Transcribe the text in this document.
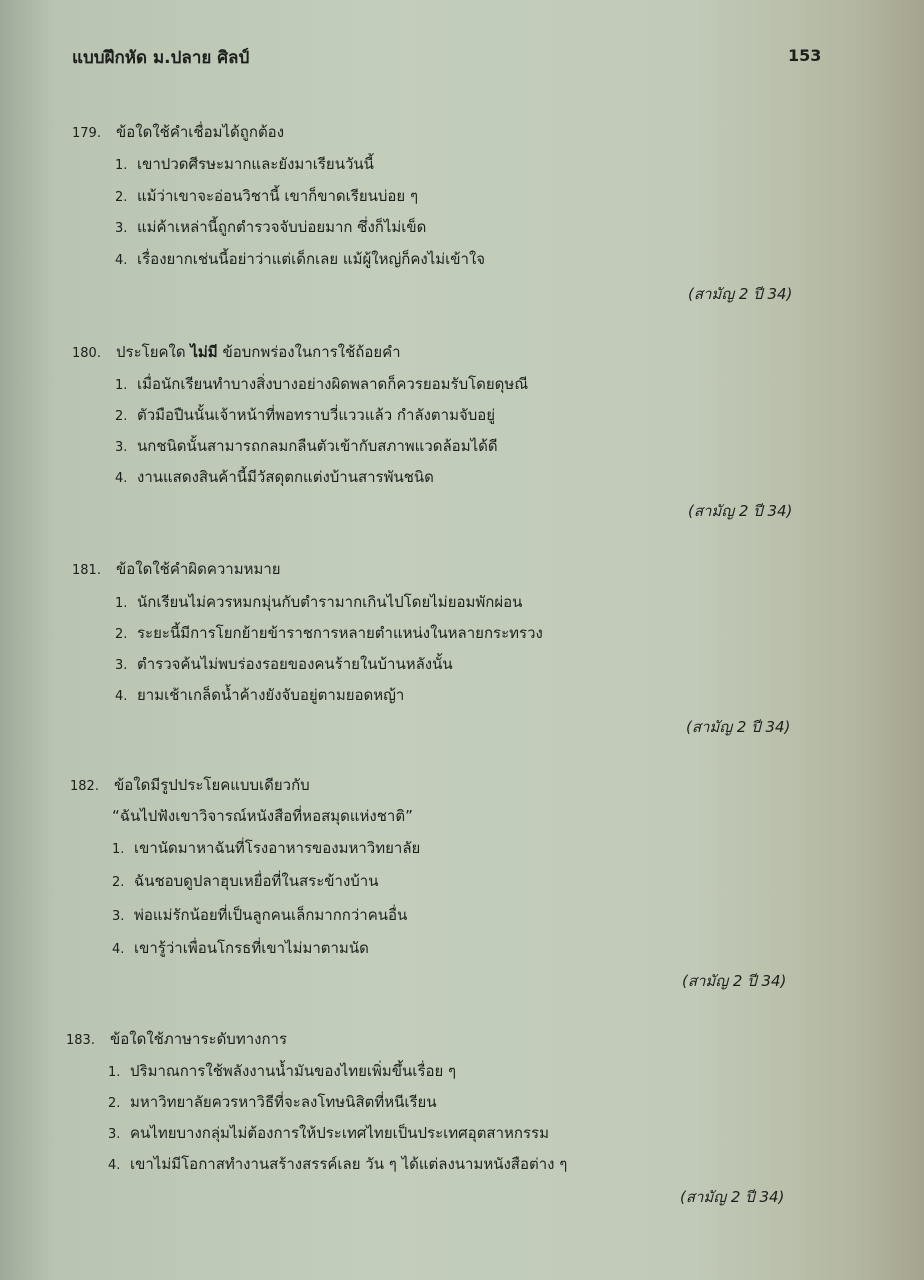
แบบฝึกหัด ม.ปลาย ศิลป์	153
179. ข้อใดใช้คำเชื่อมได้ถูกต้อง
1. เขาปวดศีรษะมากและยังมาเรียนวันนี้
2. แม้ว่าเขาจะอ่อนวิชานี้ เขาก็ขาดเรียนบ่อย ๆ
3. แม่ค้าเหล่านี้ถูกตำรวจจับบ่อยมาก ซึ่งก็ไม่เข็ด
4. เรื่องยากเช่นนี้อย่าว่าแต่เด็กเลย แม้ผู้ใหญ่ก็คงไม่เข้าใจ
(สามัญ 2 ปี 34)
180. ประโยคใด ไม่มี ข้อบกพร่องในการใช้ถ้อยคำ
1. เมื่อนักเรียนทำบางสิ่งบางอย่างผิดพลาดก็ควรยอมรับโดยดุษณี
2. ตัวมือปืนนั้นเจ้าหน้าที่พอทราบวี่แววแล้ว กำลังตามจับอยู่
3. นกชนิดนั้นสามารถกลมกลืนตัวเข้ากับสภาพแวดล้อมได้ดี
4. งานแสดงสินค้านี้มีวัสดุตกแต่งบ้านสารพันชนิด
(สามัญ 2 ปี 34)
181. ข้อใดใช้คำผิดความหมาย
1. นักเรียนไม่ควรหมกมุ่นกับตำรามากเกินไปโดยไม่ยอมพักผ่อน
2. ระยะนี้มีการโยกย้ายข้าราชการหลายตำแหน่งในหลายกระทรวง
3. ตำรวจค้นไม่พบร่องรอยของคนร้ายในบ้านหลังนั้น
4. ยามเช้าเกล็ดน้ำค้างยังจับอยู่ตามยอดหญ้า
(สามัญ 2 ปี 34)
182. ข้อใดมีรูปประโยคแบบเดียวกับ
“ฉันไปฟังเขาวิจารณ์หนังสือที่หอสมุดแห่งชาติ”
1. เขานัดมาหาฉันที่โรงอาหารของมหาวิทยาลัย
2. ฉันชอบดูปลาฮุบเหยื่อที่ในสระข้างบ้าน
3. พ่อแม่รักน้อยที่เป็นลูกคนเล็กมากกว่าคนอื่น
4. เขารู้ว่าเพื่อนโกรธที่เขาไม่มาตามนัด
(สามัญ 2 ปี 34)
183. ข้อใดใช้ภาษาระดับทางการ
1. ปริมาณการใช้พลังงานน้ำมันของไทยเพิ่มขึ้นเรื่อย ๆ
2. มหาวิทยาลัยควรหาวิธีที่จะลงโทษนิสิตที่หนีเรียน
3. คนไทยบางกลุ่มไม่ต้องการให้ประเทศไทยเป็นประเทศอุตสาหกรรม
4. เขาไม่มีโอกาสทำงานสร้างสรรค์เลย วัน ๆ ได้แต่ลงนามหนังสือต่าง ๆ
(สามัญ 2 ปี 34)
